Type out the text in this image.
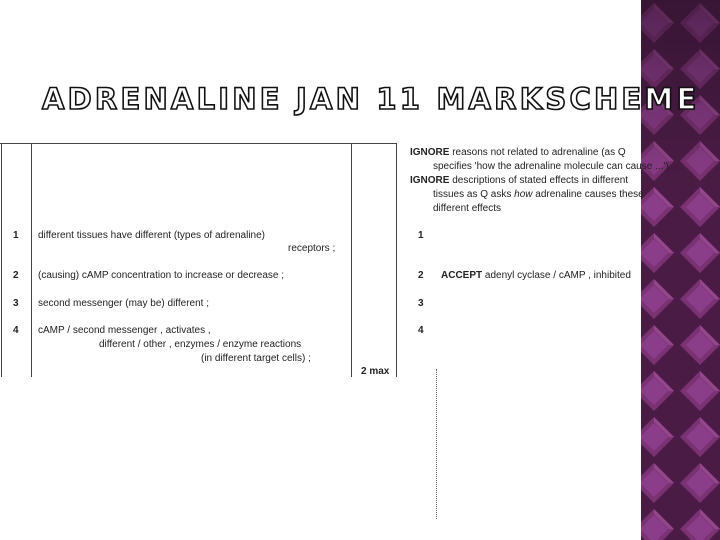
ADRENALINE JAN 11 MARKSCHEME
IGNORE reasons not related to adrenaline (as Q
specifies 'how the adrenaline molecule can cause ...')
IGNORE descriptions of stated effects in different
tissues as Q asks how adrenaline causes these
different effects
1 different tissues have different (types of adrenaline)
receptors ;
1
2 (causing) cAMP concentration to increase or decrease ;	2 ACCEPT adenyl cyclase / cAMP , inhibited
3 second messenger (may be) different ;	3
4 cAMP / second messenger , activates ,
different / other , enzymes / enzyme reactions
(in different target cells) ;
4
2 max
